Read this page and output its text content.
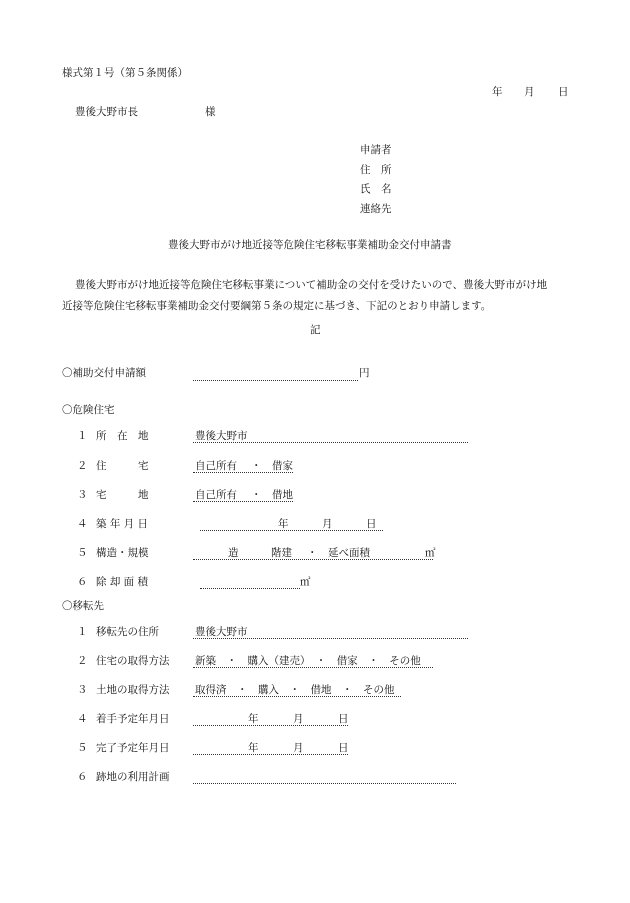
様式第１号（第５条関係）
年 月 日
豊後大野市長	様
申請者
住　所
氏　名
連絡先
豊後大野市がけ地近接等危険住宅移転事業補助金交付申請書
豊後大野市がけ地近接等危険住宅移転事業について補助金の交付を受けたいので、豊後大野市がけ地
近接等危険住宅移転事業補助金交付要綱第５条の規定に基づき、下記のとおり申請します。
記
〇補助交付申請額	円
〇危険住宅
１ 所　在　地	豊後大野市
２ 住　　　宅	自己所有 ・ 借家
３ 宅　　　地	自己所有 ・ 借地
４ 築 年 月 日	年	月	日
５ 構造・規模	造	階建 ・ 延べ面積	㎡
６ 除 却 面 積	㎡
〇移転先
１ 移転先の住所	豊後大野市
２ 住宅の取得方法 新築　・　購入（建売）　・　借家　・　その他
３ 土地の取得方法 取得済　・　購入　・　借地　・　その他
４ 着手予定年月日	年	月	日
５ 完了予定年月日	年	月	日
６ 跡地の利用計画
